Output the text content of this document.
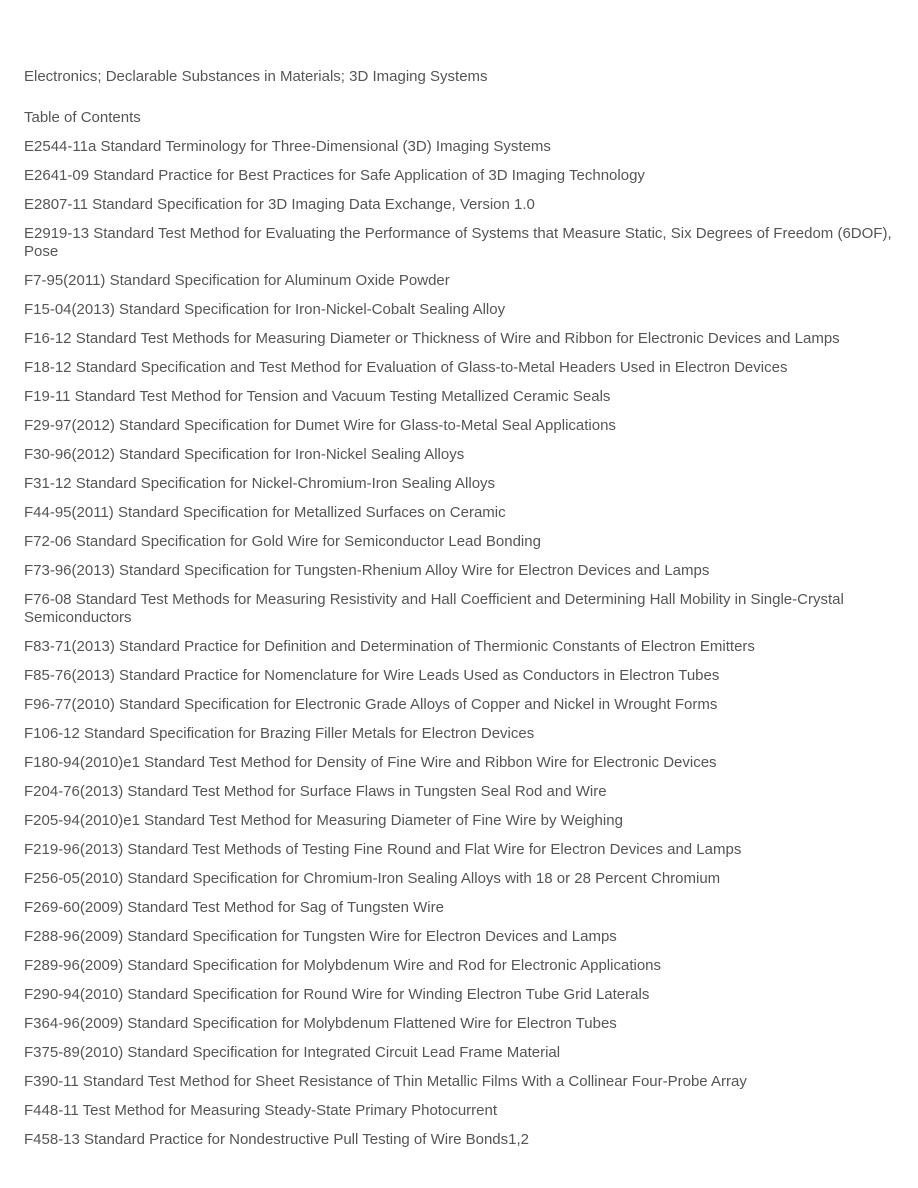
Electronics; Declarable Substances in Materials; 3D Imaging Systems

Table of Contents

E2544-11a Standard Terminology for Three-Dimensional (3D) Imaging Systems
E2641-09 Standard Practice for Best Practices for Safe Application of 3D Imaging Technology
E2807-11 Standard Specification for 3D Imaging Data Exchange, Version 1.0
E2919-13 Standard Test Method for Evaluating the Performance of Systems that Measure Static, Six Degrees of Freedom (6DOF), Pose
F7-95(2011) Standard Specification for Aluminum Oxide Powder
F15-04(2013) Standard Specification for Iron-Nickel-Cobalt Sealing Alloy
F16-12 Standard Test Methods for Measuring Diameter or Thickness of Wire and Ribbon for Electronic Devices and Lamps
F18-12 Standard Specification and Test Method for Evaluation of Glass-to-Metal Headers Used in Electron Devices
F19-11 Standard Test Method for Tension and Vacuum Testing Metallized Ceramic Seals
F29-97(2012) Standard Specification for Dumet Wire for Glass-to-Metal Seal Applications
F30-96(2012) Standard Specification for Iron-Nickel Sealing Alloys
F31-12 Standard Specification for Nickel-Chromium-Iron Sealing Alloys
F44-95(2011) Standard Specification for Metallized Surfaces on Ceramic
F72-06 Standard Specification for Gold Wire for Semiconductor Lead Bonding
F73-96(2013) Standard Specification for Tungsten-Rhenium Alloy Wire for Electron Devices and Lamps
F76-08 Standard Test Methods for Measuring Resistivity and Hall Coefficient and Determining Hall Mobility in Single-Crystal Semiconductors
F83-71(2013) Standard Practice for Definition and Determination of Thermionic Constants of Electron Emitters
F85-76(2013) Standard Practice for Nomenclature for Wire Leads Used as Conductors in Electron Tubes
F96-77(2010) Standard Specification for Electronic Grade Alloys of Copper and Nickel in Wrought Forms
F106-12 Standard Specification for Brazing Filler Metals for Electron Devices
F180-94(2010)e1 Standard Test Method for Density of Fine Wire and Ribbon Wire for Electronic Devices
F204-76(2013) Standard Test Method for Surface Flaws in Tungsten Seal Rod and Wire
F205-94(2010)e1 Standard Test Method for Measuring Diameter of Fine Wire by Weighing
F219-96(2013) Standard Test Methods of Testing Fine Round and Flat Wire for Electron Devices and Lamps
F256-05(2010) Standard Specification for Chromium-Iron Sealing Alloys with 18 or 28 Percent Chromium
F269-60(2009) Standard Test Method for Sag of Tungsten Wire
F288-96(2009) Standard Specification for Tungsten Wire for Electron Devices and Lamps
F289-96(2009) Standard Specification for Molybdenum Wire and Rod for Electronic Applications
F290-94(2010) Standard Specification for Round Wire for Winding Electron Tube Grid Laterals
F364-96(2009) Standard Specification for Molybdenum Flattened Wire for Electron Tubes
F375-89(2010) Standard Specification for Integrated Circuit Lead Frame Material
F390-11 Standard Test Method for Sheet Resistance of Thin Metallic Films With a Collinear Four-Probe Array
F448-11 Test Method for Measuring Steady-State Primary Photocurrent
F458-13 Standard Practice for Nondestructive Pull Testing of Wire Bonds1,2
